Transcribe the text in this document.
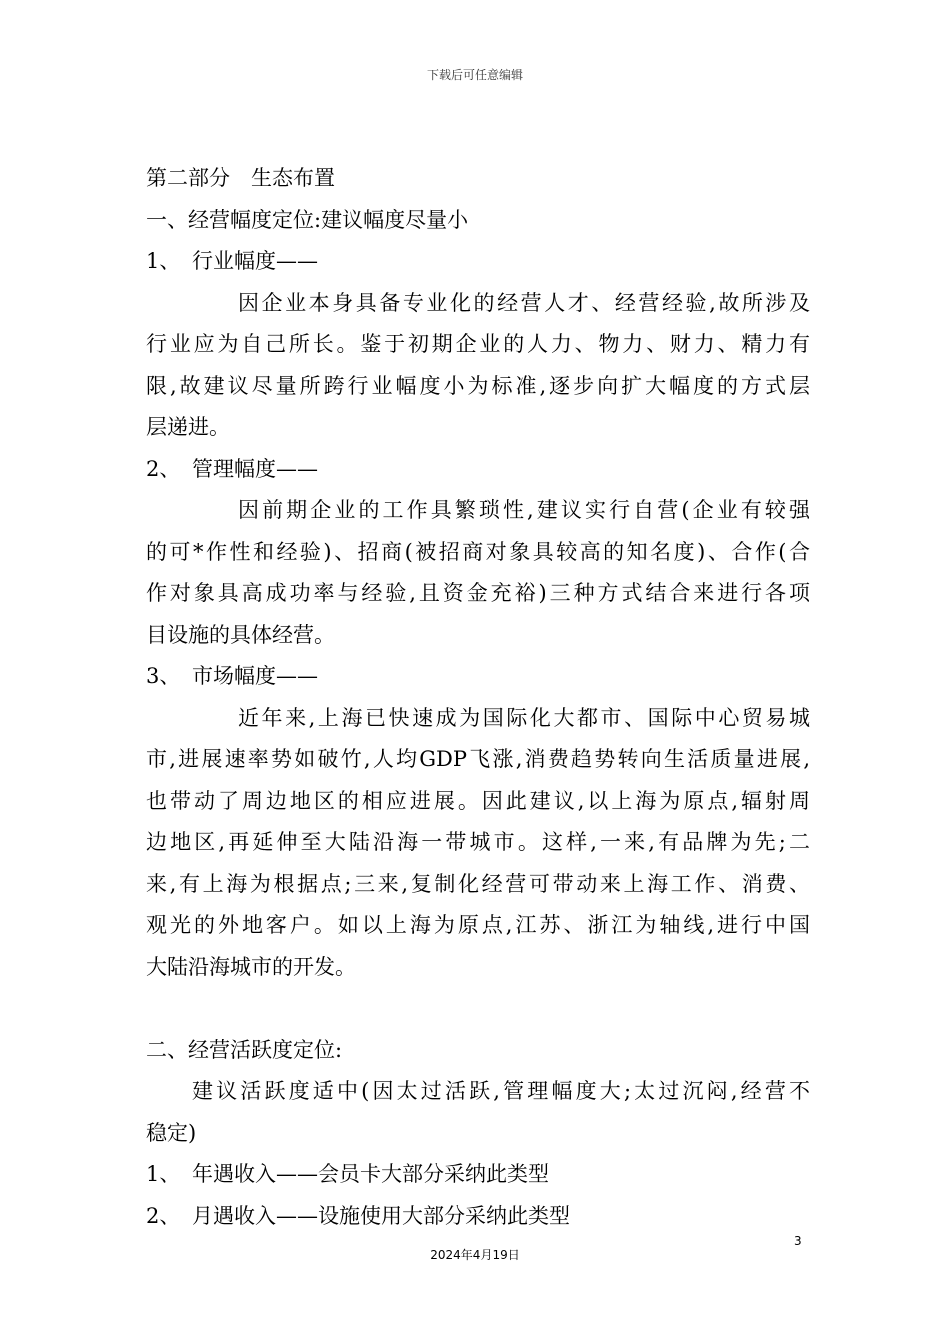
下载后可任意编辑
第二部分　生态布置
一、经营幅度定位:建议幅度尽量小
1、 行业幅度——
因企业本身具备专业化的经营人才、经营经验,故所涉及
行业应为自己所长。鉴于初期企业的人力、物力、财力、精力有
限,故建议尽量所跨行业幅度小为标准,逐步向扩大幅度的方式层
层递进。
2、 管理幅度——
因前期企业的工作具繁琐性,建议实行自营(企业有较强
的可*作性和经验)、招商(被招商对象具较高的知名度)、合作(合
作对象具高成功率与经验,且资金充裕)三种方式结合来进行各项
目设施的具体经营。
3、 市场幅度——
近年来,上海已快速成为国际化大都市、国际中心贸易城
市,进展速率势如破竹,人均GDP飞涨,消费趋势转向生活质量进展,
也带动了周边地区的相应进展。因此建议,以上海为原点,辐射周
边地区,再延伸至大陆沿海一带城市。这样,一来,有品牌为先;二
来,有上海为根据点;三来,复制化经营可带动来上海工作、消费、
观光的外地客户。如以上海为原点,江苏、浙江为轴线,进行中国
大陆沿海城市的开发。
二、经营活跃度定位:
建议活跃度适中(因太过活跃,管理幅度大;太过沉闷,经营不
稳定)
1、 年遇收入——会员卡大部分采纳此类型
2、 月遇收入——设施使用大部分采纳此类型
3
2024年4月19日
